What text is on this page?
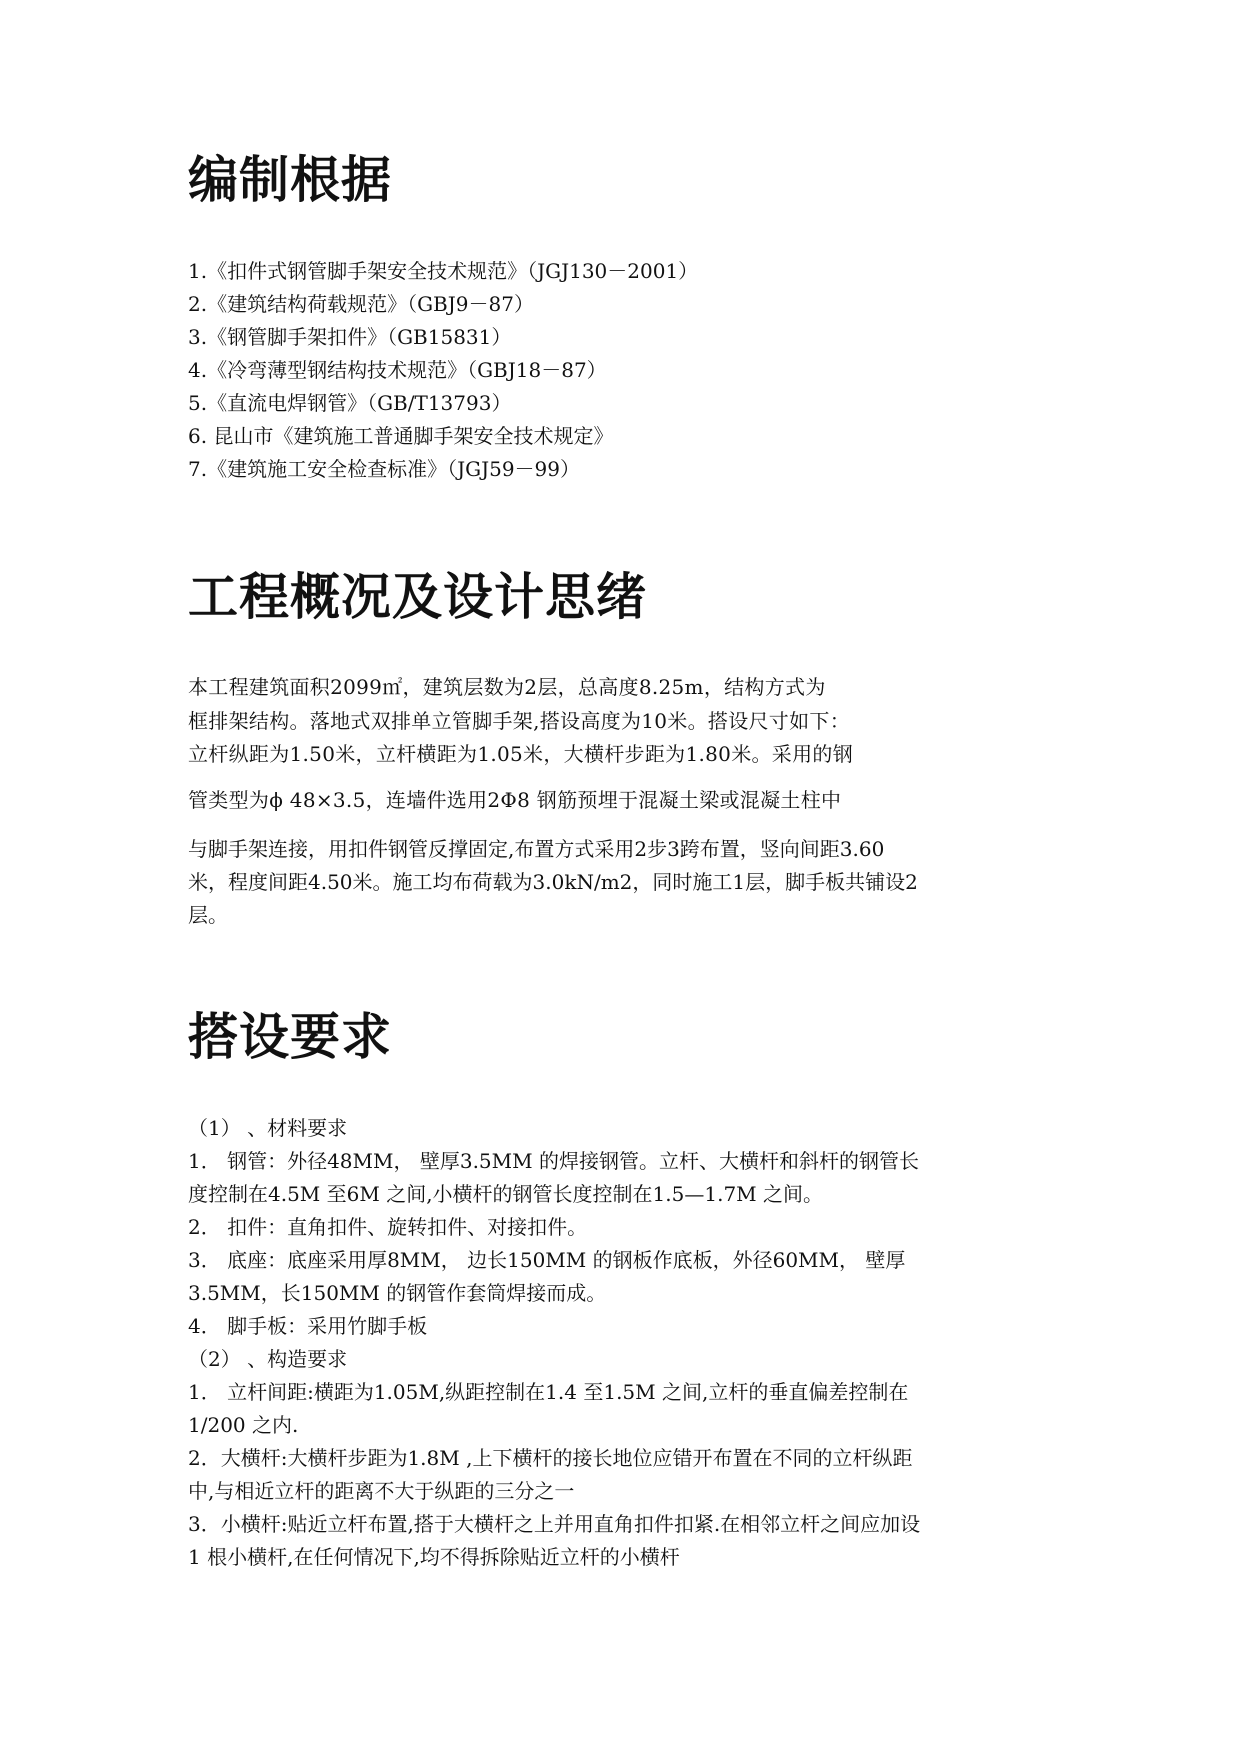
编制根据

1.《扣件式钢管脚手架安全技术规范》（JGJ130－2001）

2.《建筑结构荷载规范》（GBJ9－87）

3.《钢管脚手架扣件》（GB15831）

4.《冷弯薄型钢结构技术规范》（GBJ18－87）

5.《直流电焊钢管》（GB/T13793）

6. 昆山市《建筑施工普通脚手架安全技术规定》

7.《建筑施工安全检查标准》（JGJ59－99）

工程概况及设计思绪

本工程建筑面积2099㎡，建筑层数为2层，总高度8.25m，结构方式为

框排架结构。落地式双排单立管脚手架,搭设高度为10米。搭设尺寸如下：

立杆纵距为1.50米，立杆横距为1.05米，大横杆步距为1.80米。采用的钢

管类型为ϕ 48×3.5，连墙件选用2Φ8 钢筋预埋于混凝土梁或混凝土柱中

与脚手架连接，用扣件钢管反撑固定,布置方式采用2步3跨布置，竖向间距3.60

米，程度间距4.50米。施工均布荷载为3.0kN/m2，同时施工1层，脚手板共铺设2

层。

搭设要求

（1） 、材料要求

1． 钢管：外径48MM， 壁厚3.5MM 的焊接钢管。立杆、大横杆和斜杆的钢管长

度控制在4.5M 至6M 之间,小横杆的钢管长度控制在1.5—1.7M 之间。

2． 扣件：直角扣件、旋转扣件、对接扣件。

3． 底座：底座采用厚8MM， 边长150MM 的钢板作底板，外径60MM， 壁厚

3.5MM，长150MM 的钢管作套筒焊接而成。

4． 脚手板：采用竹脚手板

（2） 、构造要求

1． 立杆间距:横距为1.05M,纵距控制在1.4 至1.5M 之间,立杆的垂直偏差控制在

1/200 之内.

2．大横杆:大横杆步距为1.8M ,上下横杆的接长地位应错开布置在不同的立杆纵距

中,与相近立杆的距离不大于纵距的三分之一

3．小横杆:贴近立杆布置,搭于大横杆之上并用直角扣件扣紧.在相邻立杆之间应加设

1 根小横杆,在任何情况下,均不得拆除贴近立杆的小横杆
